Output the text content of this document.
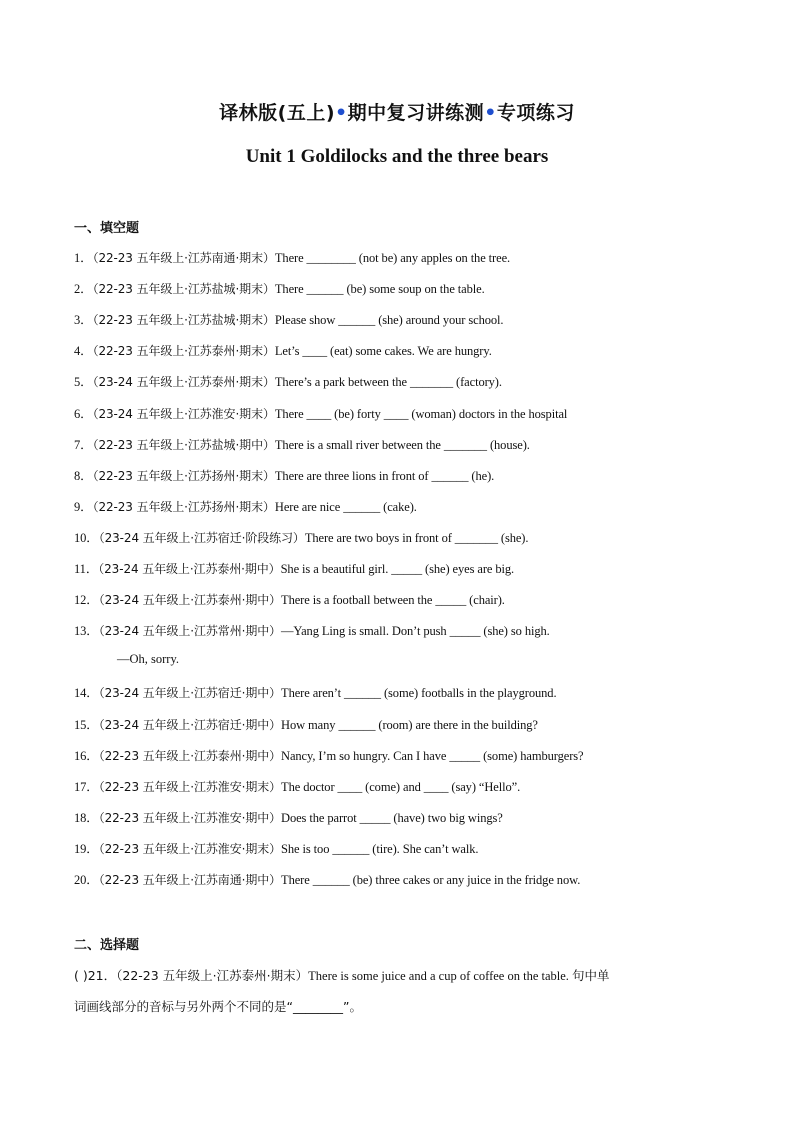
译林版(五上)•期中复习讲练测•专项练习
Unit 1 Goldilocks and the three bears
一、填空题
1．（22-23 五年级上·江苏南通·期末）There ________ (not be) any apples on the tree.
2．（22-23 五年级上·江苏盐城·期末）There ______ (be) some soup on the table.
3．（22-23 五年级上·江苏盐城·期末）Please show ______ (she) around your school.
4．（22-23 五年级上·江苏泰州·期末）Let’s ____ (eat) some cakes. We are hungry.
5．（23-24 五年级上·江苏泰州·期末）There’s a park between the _______ (factory).
6．（23-24 五年级上·江苏淮安·期末）There ____ (be) forty ____ (woman) doctors in the hospital
7．（22-23 五年级上·江苏盐城·期中）There is a small river between the _______ (house).
8．（22-23 五年级上·江苏扬州·期末）There are three lions in front of ______ (he).
9．（22-23 五年级上·江苏扬州·期末）Here are nice ______ (cake).
10．（23-24 五年级上·江苏宿迁·阶段练习）There are two boys in front of _______ (she).
11．（23-24 五年级上·江苏泰州·期中）She is a beautiful girl. _____ (she) eyes are big.
12．（23-24 五年级上·江苏泰州·期中）There is a football between the _____ (chair).
13．（23-24 五年级上·江苏常州·期中）—Yang Ling is small. Don’t push _____ (she) so high.
—Oh, sorry.
14．（23-24 五年级上·江苏宿迁·期中）There aren’t ______ (some) footballs in the playground.
15．（23-24 五年级上·江苏宿迁·期中）How many ______ (room) are there in the building?
16．（22-23 五年级上·江苏泰州·期中）Nancy, I’m so hungry. Can I have _____ (some) hamburgers?
17．（22-23 五年级上·江苏淮安·期末）The doctor ____ (come) and ____ (say) “Hello”.
18．（22-23 五年级上·江苏淮安·期中）Does the parrot _____ (have) two big wings?
19．（22-23 五年级上·江苏淮安·期末）She is too ______ (tire). She can’t walk.
20．（22-23 五年级上·江苏南通·期中）There ______ (be) three cakes or any juice in the fridge now.
二、选择题
( )21．（22-23 五年级上·江苏泰州·期末）There is some juice and a cup of coffee on the table. 句中单
词画线部分的音标与另外两个不同的是“________”。
